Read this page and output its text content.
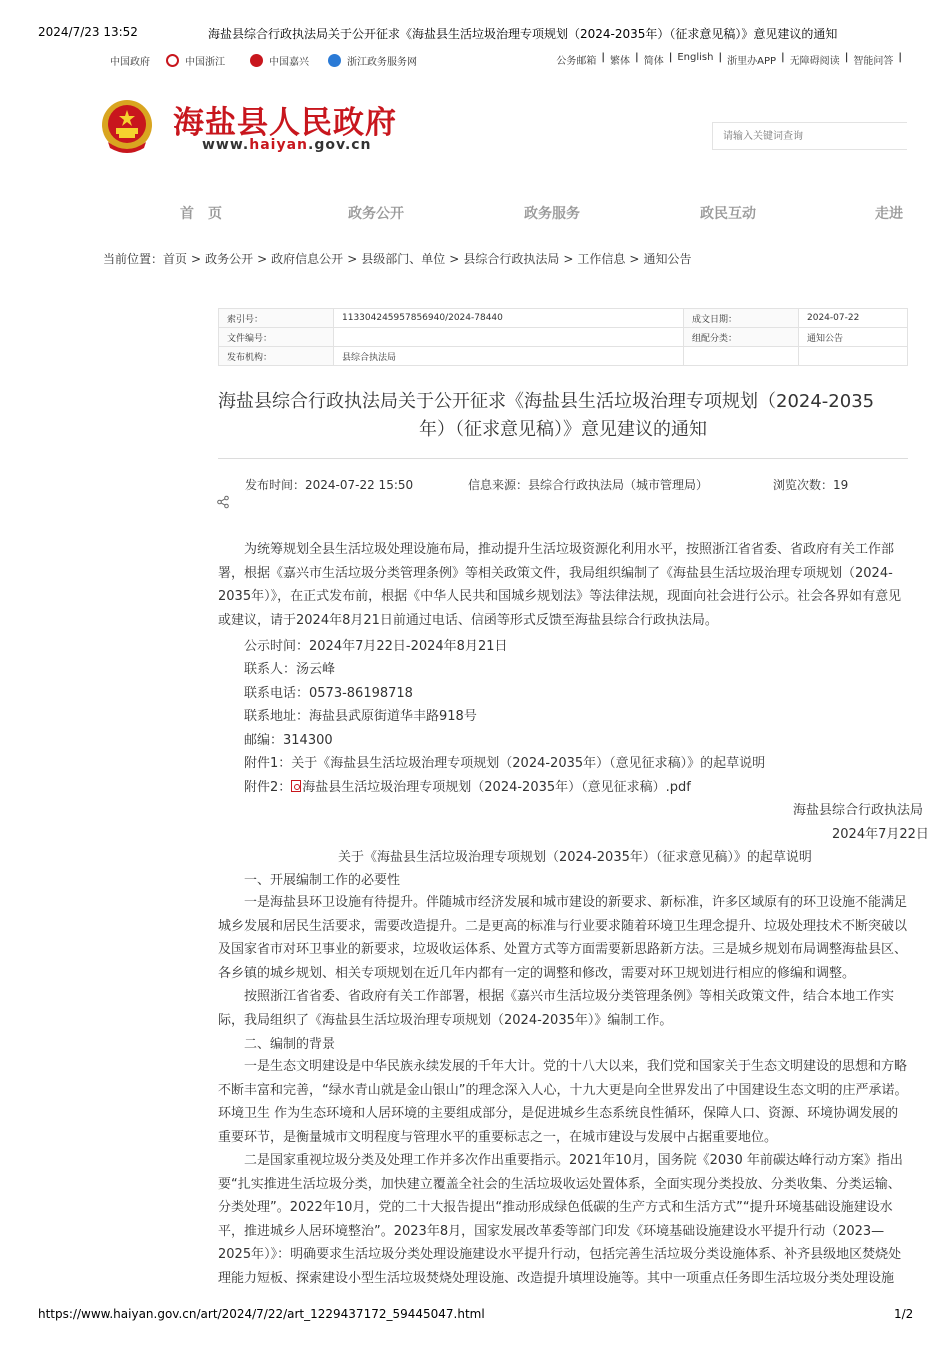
2024/7/23 13:52	海盐县综合行政执法局关于公开征求《海盐县生活垃圾治理专项规划（2024-2035年）（征求意见稿）》意见建议的通知
中国政府	中国浙江	中国嘉兴	浙江政务服务网	公务邮箱 | 繁体 | 简体 | English | 浙里办APP | 无障碍阅读 | 智能问答 |
海盐县人民政府
www.haiyan.gov.cn
请输入关键词查询
首　页	政务公开	政务服务	政民互动	走进
当前位置：首页 > 政务公开 > 政府信息公开 > 县级部门、单位 > 县综合行政执法局 > 工作信息 > 通知公告
索引号：	113304245957856940/2024-78440	成文日期：	2024-07-22
文件编号：		组配分类：	通知公告
发布机构：	县综合执法局		
海盐县综合行政执法局关于公开征求《海盐县生活垃圾治理专项规划（2024-2035
年）（征求意见稿）》意见建议的通知
发布时间：2024-07-22 15:50	信息来源：县综合行政执法局（城市管理局）	浏览次数：19
为统筹规划全县生活垃圾处理设施布局，推动提升生活垃圾资源化利用水平，按照浙江省省委、省政府有关工作部署，根据《嘉兴市生活垃圾分类管理条例》等相关政策文件，我局组织编制了《海盐县生活垃圾治理专项规划（2024-2035年）》，在正式发布前，根据《中华人民共和国城乡规划法》等法律法规，现面向社会进行公示。社会各界如有意见或建议，请于2024年8月21日前通过电话、信函等形式反馈至海盐县综合行政执法局。
公示时间：2024年7月22日-2024年8月21日
联系人：汤云峰
联系电话：0573-86198718
联系地址：海盐县武原街道华丰路918号
邮编：314300
附件1：关于《海盐县生活垃圾治理专项规划（2024-2035年）（意见征求稿）》的起草说明
附件2： 海盐县生活垃圾治理专项规划（2024-2035年）（意见征求稿）.pdf
海盐县综合行政执法局
2024年7月22日
关于《海盐县生活垃圾治理专项规划（2024-2035年）（征求意见稿）》的起草说明
一、开展编制工作的必要性
一是海盐县环卫设施有待提升。伴随城市经济发展和城市建设的新要求、新标准，许多区域原有的环卫设施不能满足城乡发展和居民生活要求，需要改造提升。二是更高的标准与行业要求随着环境卫生理念提升、垃圾处理技术不断突破以及国家省市对环卫事业的新要求，垃圾收运体系、处置方式等方面需要新思路新方法。三是城乡规划布局调整海盐县区、各乡镇的城乡规划、相关专项规划在近几年内都有一定的调整和修改，需要对环卫规划进行相应的修编和调整。
按照浙江省省委、省政府有关工作部署，根据《嘉兴市生活垃圾分类管理条例》等相关政策文件，结合本地工作实际，我局组织了《海盐县生活垃圾治理专项规划（2024-2035年）》编制工作。
二、编制的背景
一是生态文明建设是中华民族永续发展的千年大计。党的十八大以来，我们党和国家关于生态文明建设的思想和方略不断丰富和完善，“绿水青山就是金山银山”的理念深入人心，十九大更是向全世界发出了中国建设生态文明的庄严承诺。环境卫生 作为生态环境和人居环境的主要组成部分，是促进城乡生态系统良性循环，保障人口、资源、环境协调发展的重要环节，是衡量城市文明程度与管理水平的重要标志之一，在城市建设与发展中占据重要地位。
二是国家重视垃圾分类及处理工作并多次作出重要指示。2021年10月，国务院《2030 年前碳达峰行动方案》指出要“扎实推进生活垃圾分类，加快建立覆盖全社会的生活垃圾收运处置体系，全面实现分类投放、分类收集、分类运输、分类处理”。2022年10月，党的二十大报告提出“推动形成绿色低碳的生产方式和生活方式”“提升环境基础设施建设水平，推进城乡人居环境整治”。2023年8月，国家发展改革委等部门印发《环境基础设施建设水平提升行动（2023—2025年）》：明确要求生活垃圾分类处理设施建设水平提升行动，包括完善生活垃圾分类设施体系、补齐县级地区焚烧处理能力短板、探索建设小型生活垃圾焚烧处理设施、改造提升填埋设施等。其中一项重点任务即生活垃圾分类处理设施
https://www.haiyan.gov.cn/art/2024/7/22/art_1229437172_59445047.html	1/2
